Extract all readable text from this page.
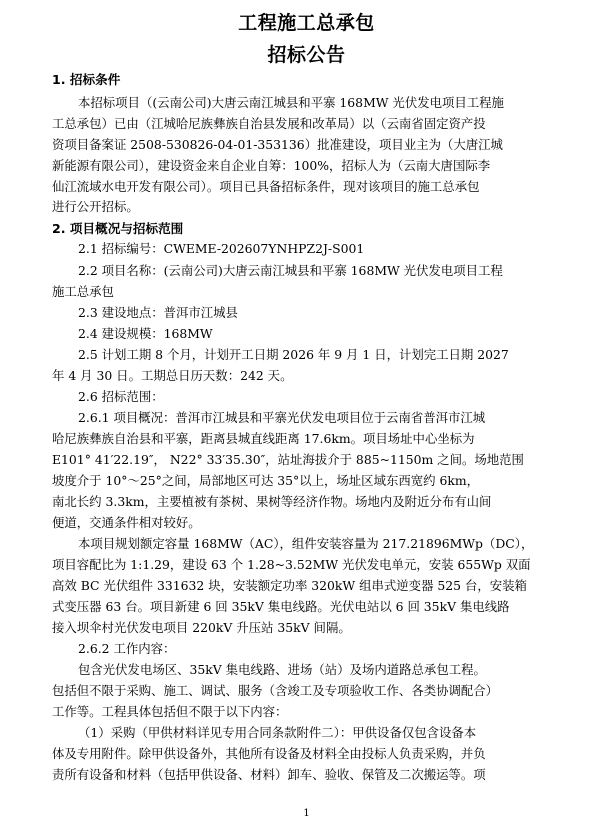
工程施工总承包
招标公告
1. 招标条件
本招标项目（(云南公司)大唐云南江城县和平寨 168MW 光伏发电项目工程施
工总承包）已由（江城哈尼族彝族自治县发展和改革局）以（云南省固定资产投
资项目备案证 2508-530826-04-01-353136）批准建设，项目业主为（大唐江城
新能源有限公司），建设资金来自企业自筹：100%，招标人为（云南大唐国际李
仙江流域水电开发有限公司）。项目已具备招标条件，现对该项目的施工总承包
进行公开招标。
2. 项目概况与招标范围
2.1 招标编号：CWEME-202607YNHPZ2J-S001
2.2 项目名称：(云南公司)大唐云南江城县和平寨 168MW 光伏发电项目工程
施工总承包
2.3 建设地点：普洱市江城县
2.4 建设规模：168MW
2.5 计划工期 8 个月，计划开工日期 2026 年 9 月 1 日，计划完工日期 2027
年 4 月 30 日。工期总日历天数：242 天。
2.6 招标范围：
2.6.1 项目概况：普洱市江城县和平寨光伏发电项目位于云南省普洱市江城
哈尼族彝族自治县和平寨，距离县城直线距离 17.6km。项目场址中心坐标为
E101° 41′22.19″， N22° 33′35.30″，站址海拔介于 885~1150m 之间。场地范围
坡度介于 10°～25°之间，局部地区可达 35°以上，场址区域东西宽约 6km，
南北长约 3.3km，主要植被有茶树、果树等经济作物。场地内及附近分布有山间
便道，交通条件相对较好。
本项目规划额定容量 168MW（AC），组件安装容量为 217.21896MWp（DC），
项目容配比为 1:1.29，建设 63 个 1.28~3.52MW 光伏发电单元，安装 655Wp 双面
高效 BC 光伏组件 331632 块，安装额定功率 320kW 组串式逆变器 525 台，安装箱
式变压器 63 台。项目新建 6 回 35kV 集电线路。光伏电站以 6 回 35kV 集电线路
接入坝伞村光伏发电项目 220kV 升压站 35kV 间隔。
2.6.2 工作内容：
包含光伏发电场区、35kV 集电线路、进场（站）及场内道路总承包工程。
包括但不限于采购、施工、调试、服务（含竣工及专项验收工作、各类协调配合）
工作等。工程具体包括但不限于以下内容：
（1）采购（甲供材料详见专用合同条款附件二）：甲供设备仅包含设备本
体及专用附件。除甲供设备外，其他所有设备及材料全由投标人负责采购，并负
责所有设备和材料（包括甲供设备、材料）卸车、验收、保管及二次搬运等。项
1
